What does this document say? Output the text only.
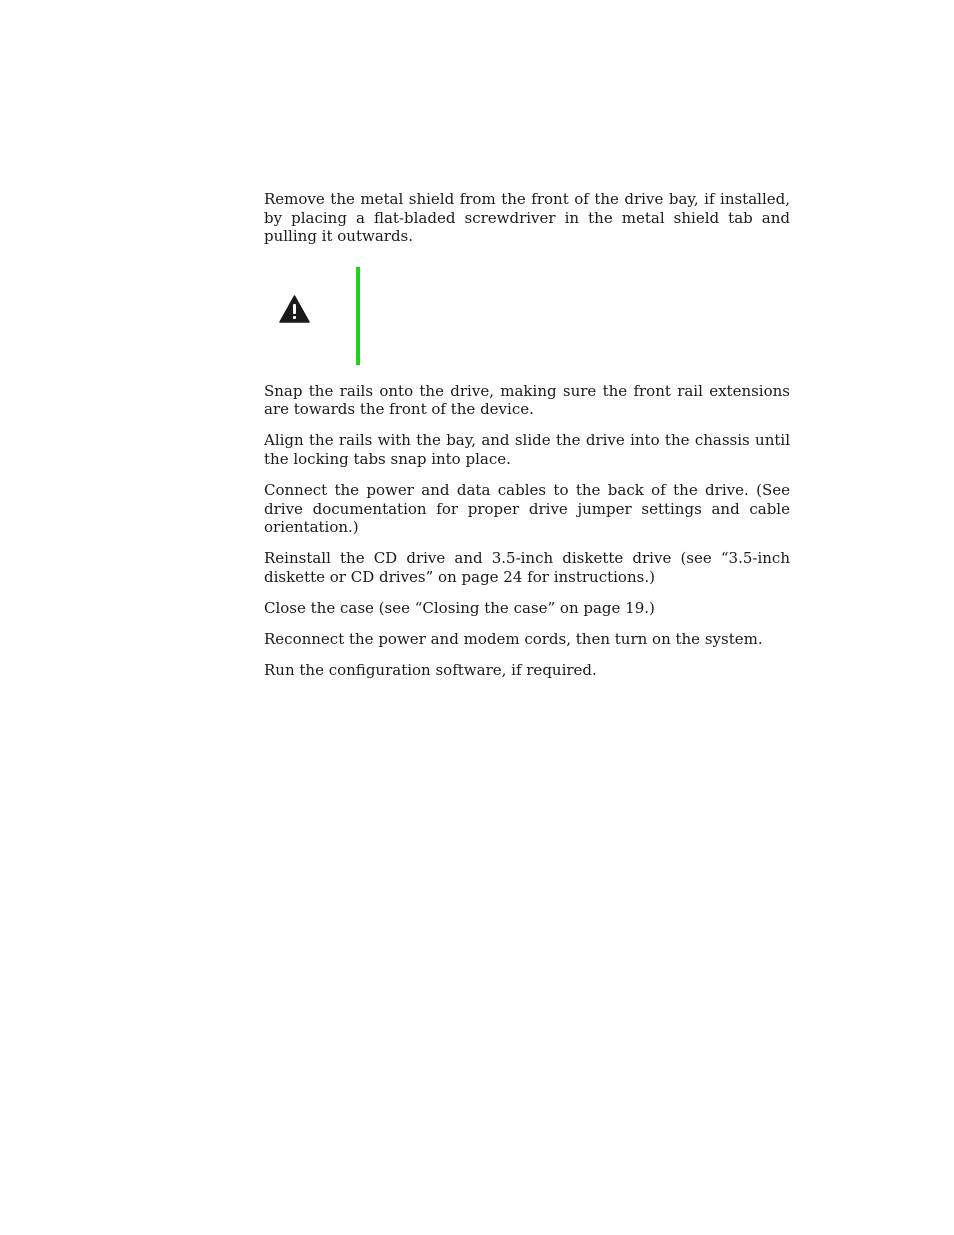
Remove the metal shield from the front of the drive bay, if installed, by placing a flat-bladed screwdriver in the metal shield tab and pulling it outwards.

Snap the rails onto the drive, making sure the front rail extensions are towards the front of the device.

Align the rails with the bay, and slide the drive into the chassis until the locking tabs snap into place.

Connect the power and data cables to the back of the drive. (See drive documentation for proper drive jumper settings and cable orientation.)

Reinstall the CD drive and 3.5-inch diskette drive (see “3.5-inch diskette or CD drives” on page 24 for instructions.)

Close the case (see “Closing the case” on page 19.)

Reconnect the power and modem cords, then turn on the system.

Run the configuration software, if required.
